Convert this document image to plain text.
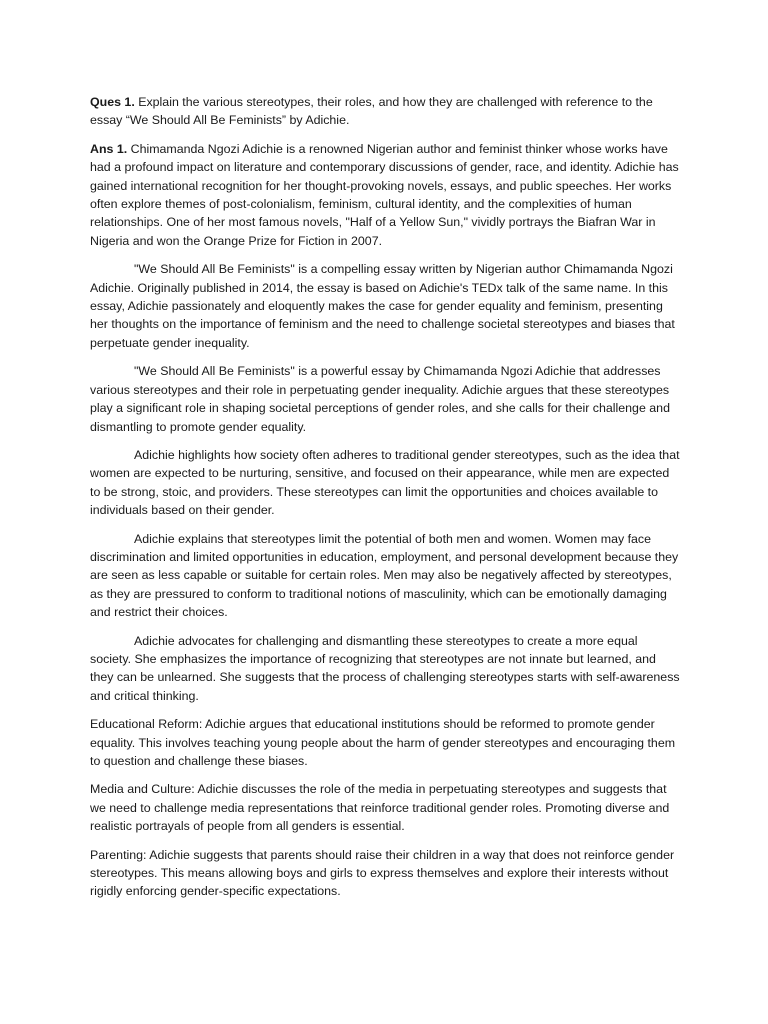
Ques 1. Explain the various stereotypes, their roles, and how they are challenged with reference to the essay “We Should All Be Feminists” by Adichie.

Ans 1. Chimamanda Ngozi Adichie is a renowned Nigerian author and feminist thinker whose works have had a profound impact on literature and contemporary discussions of gender, race, and identity. Adichie has gained international recognition for her thought-provoking novels, essays, and public speeches. Her works often explore themes of post-colonialism, feminism, cultural identity, and the complexities of human relationships. One of her most famous novels, "Half of a Yellow Sun," vividly portrays the Biafran War in Nigeria and won the Orange Prize for Fiction in 2007.

"We Should All Be Feminists" is a compelling essay written by Nigerian author Chimamanda Ngozi Adichie. Originally published in 2014, the essay is based on Adichie's TEDx talk of the same name. In this essay, Adichie passionately and eloquently makes the case for gender equality and feminism, presenting her thoughts on the importance of feminism and the need to challenge societal stereotypes and biases that perpetuate gender inequality.

"We Should All Be Feminists" is a powerful essay by Chimamanda Ngozi Adichie that addresses various stereotypes and their role in perpetuating gender inequality. Adichie argues that these stereotypes play a significant role in shaping societal perceptions of gender roles, and she calls for their challenge and dismantling to promote gender equality.

Adichie highlights how society often adheres to traditional gender stereotypes, such as the idea that women are expected to be nurturing, sensitive, and focused on their appearance, while men are expected to be strong, stoic, and providers. These stereotypes can limit the opportunities and choices available to individuals based on their gender.

Adichie explains that stereotypes limit the potential of both men and women. Women may face discrimination and limited opportunities in education, employment, and personal development because they are seen as less capable or suitable for certain roles. Men may also be negatively affected by stereotypes, as they are pressured to conform to traditional notions of masculinity, which can be emotionally damaging and restrict their choices.

Adichie advocates for challenging and dismantling these stereotypes to create a more equal society. She emphasizes the importance of recognizing that stereotypes are not innate but learned, and they can be unlearned. She suggests that the process of challenging stereotypes starts with self-awareness and critical thinking.

Educational Reform: Adichie argues that educational institutions should be reformed to promote gender equality. This involves teaching young people about the harm of gender stereotypes and encouraging them to question and challenge these biases.

Media and Culture: Adichie discusses the role of the media in perpetuating stereotypes and suggests that we need to challenge media representations that reinforce traditional gender roles. Promoting diverse and realistic portrayals of people from all genders is essential.

Parenting: Adichie suggests that parents should raise their children in a way that does not reinforce gender stereotypes. This means allowing boys and girls to express themselves and explore their interests without rigidly enforcing gender-specific expectations.
